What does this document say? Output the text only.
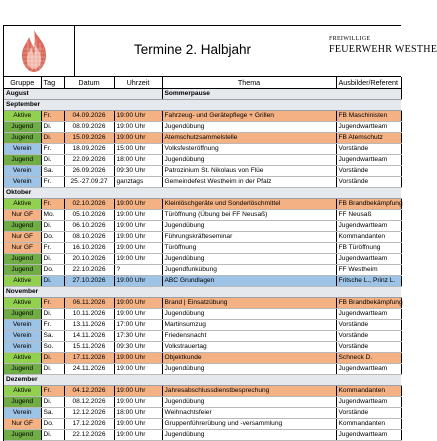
Termine 2. Halbjahr
FREIWILLIGE
FEUERWEHR WESTHE
Gruppe	Tag	Datum	Uhrzeit	Thema	Ausbilder/Referent
August				Sommerpause	
September					
Aktive	Fr.	04.09.2026	19:00 Uhr	Fahrzeug- und Gerätepflege + Grillen	FB Maschinisten
Jugend	Di.	08.09.2026	19:00 Uhr	Jugendübung	Jugendwartteam
Jugend	Di.	15.09.2026	19:00 Uhr	Atemschutzsammelstelle	FB Atemschutz
Verein	Fr.	18.09.2026	15:00 Uhr	Volksfesteröffnung	Vorstände
Jugend	Di.	22.09.2026	18:00 Uhr	Jugendübung	Jugendwartteam
Verein	Sa.	26.09.2026	09:30 Uhr	Patrozinium St. Nikolaus von Flüe	Vorstände
Verein	Fr.	25.-27.09.27	ganztags	Gemeindefest Westheim in der Pfalz	Vorstände
Oktober					
Aktive	Fr.	02.10.2026	19:00 Uhr	Kleinlöschgeräte und Sonderlöschmittel	FB Brandbekämpfung
Nur GF	Mo.	05.10.2026	19:00 Uhr	Türöffnung (Übung bei FF Neusaß)	FF Neusaß
Jugend	Di.	06.10.2026	19:00 Uhr	Jugendübung	Jugendwartteam
Nur GF	Do.	08.10.2026	19:00 Uhr	Führungskräfteseminar	Kommandanten
Nur GF	Fr.	16.10.2026	19:00 Uhr	Türöffnung	FB Türöffnung
Jugend	Di.	20.10.2026	19:00 Uhr	Jugendübung	Jugendwartteam
Jugend	Do.	22.10.2026	?	Jugendfunkübung	FF Westheim
Aktive	Di.	27.10.2026	19:00 Uhr	ABC Grundlagen	Fritsche L., Prinz L.
November					
Aktive	Fr.	06.11.2026	19:00 Uhr	Brand | Einsatzübung	FB Brandbekämpfung
Jugend	Di.	10.11.2026	19:00 Uhr	Jugendübung	Jugendwartteam
Verein	Fr.	13.11.2026	17:00 Uhr	Martinsumzug	Vorstände
Verein	Sa.	14.11.2026	17:30 Uhr	Friedensnacht	Vorstände
Verein	So.	15.11.2026	09:30 Uhr	Volkstrauertag	Vorstände
Aktive	Di.	17.11.2026	19:00 Uhr	Objektkunde	Schneck D.
Jugend	Di.	24.11.2026	19:00 Uhr	Jugendübung	Jugendwartteam
Dezember					
Aktive	Fr.	04.12.2026	19:00 Uhr	Jahresabschlussdienstbesprechung	Kommandanten
Jugend	Di.	08.12.2026	19:00 Uhr	Jugendübung	Jugendwartteam
Verein	Sa.	12.12.2026	18:00 Uhr	Weihnachtsfeier	Vorstände
Nur GF	Do.	17.12.2026	19:00 Uhr	Gruppenführerübung und -versammlung	Kommandanten
Jugend	Di.	22.12.2026	19:00 Uhr	Jugendübung	Jugendwartteam
